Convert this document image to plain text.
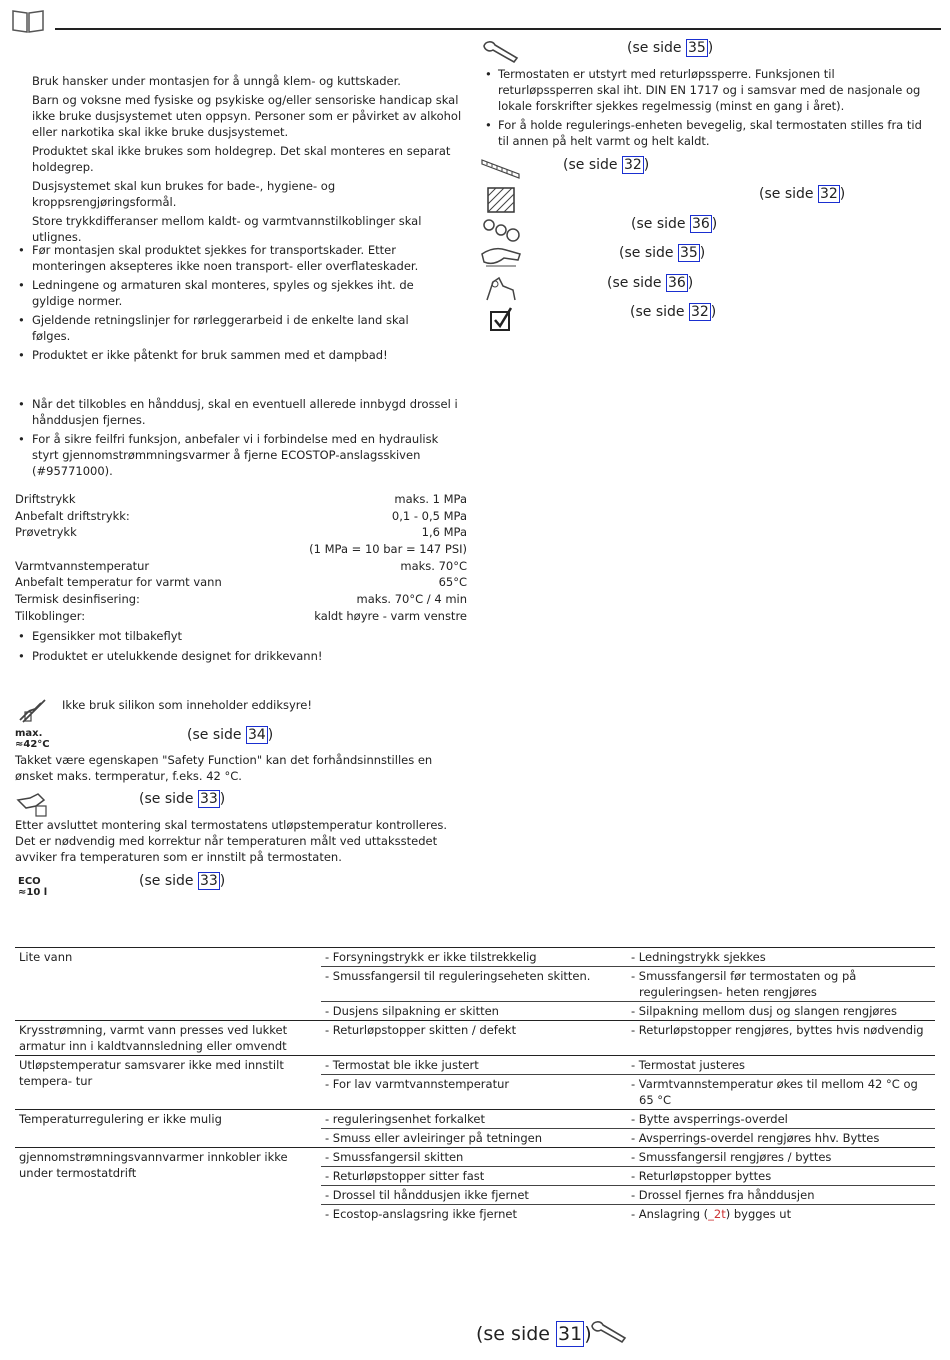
Bruk hansker under montasjen for å unngå klem- og kuttskader.
Barn og voksne med fysiske og psykiske og/eller sensoriske handicap skal ikke bruke dusjsystemet uten oppsyn. Personer som er påvirket av alkohol eller narkotika skal ikke bruke dusjsystemet.
Produktet skal ikke brukes som holdegrep. Det skal monteres en separat holdegrep.
Dusjsystemet skal kun brukes for bade-, hygiene- og kroppsrengjøringsformål.
Store trykkdifferanser mellom kaldt- og varmtvannstilkoblinger skal utlignes.
• Før montasjen skal produktet sjekkes for transportskader. Etter monteringen aksepteres ikke noen transport- eller overflateskader.
• Ledningene og armaturen skal monteres, spyles og sjekkes iht. de gyldige normer.
• Gjeldende retningslinjer for rørleggerarbeid i de enkelte land skal følges.
• Produktet er ikke påtenkt for bruk sammen med et dampbad!
• Når det tilkobles en hånddusj, skal en eventuell allerede innbygd drossel i hånddusjen fjernes.
• For å sikre feilfri funksjon, anbefaler vi i forbindelse med en hydraulisk styrt gjennomstrømmningsvarmer å fjerne ECOSTOP-anslagsskiven (#95771000).
Driftstrykk	maks. 1 MPa
Anbefalt driftstrykk:	0,1 - 0,5 MPa
Prøvetrykk	1,6 MPa
(1 MPa = 10 bar = 147 PSI)
Varmtvannstemperatur	maks. 70°C
Anbefalt temperatur for varmt vann	65°C
Termisk desinfisering:	maks. 70°C / 4 min
Tilkoblinger:	kaldt høyre - varm venstre
• Egensikker mot tilbakeflyt
• Produktet er utelukkende designet for drikkevann!
Ikke bruk silikon som inneholder eddiksyre!
max.
≈42°C
(se side 34 )
Takket være egenskapen "Safety Function" kan det forhåndsinnstilles en ønsket maks. termperatur, f.eks. 42 °C.
(se side 33 )
Etter avsluttet montering skal termostatens utløpstemperatur kontrolleres. Det er nødvendig med korrektur når temperaturen målt ved uttaksstedet avviker fra temperaturen som er innstilt på termostaten.
ECO
≈10 l
(se side 33 )
(se side 35 )
• Termostaten er utstyrt med returløpssperre. Funksjonen til returløpssperren skal iht. DIN EN 1717 og i samsvar med de nasjonale og lokale forskrifter sjekkes regelmessig (minst en gang i året).
• For å holde regulerings-enheten bevegelig, skal termostaten stilles fra tid til annen på helt varmt og helt kaldt.
(se side 32 )
(se side 32 )
(se side 36 )
(se side 35 )
(se side 36 )
(se side 32 )
Lite vann	- Forsyningstrykk er ikke tilstrekkelig	- Ledningstrykk sjekkes
	- Smussfangersil til reguleringseheten skitten.	- Smussfangersil før termostaten og på reguleringsen- heten rengjøres
	- Dusjens silpakning er skitten	- Silpakning mellom dusj og slangen rengjøres
Krysstrømning, varmt vann presses ved lukket armatur inn i kaldtvannsledning eller omvendt	- Returløpstopper skitten / defekt	- Returløpstopper rengjøres, byttes hvis nødvendig
Utløpstemperatur samsvarer ikke med innstilt tempera- tur	- Termostat ble ikke justert	- Termostat justeres
	- For lav varmtvannstemperatur	- Varmtvannstemperatur økes til mellom 42 °C og 65 °C
Temperaturregulering er ikke mulig	- reguleringsenhet forkalket	- Bytte avsperrings-overdel
	- Smuss eller avleiringer på tetningen	- Avsperrings-overdel rengjøres hhv. Byttes
gjennomstrømningsvannvarmer innkobler ikke under termostatdrift	- Smussfangersil skitten	- Smussfangersil rengjøres / byttes
	- Returløpstopper sitter fast	- Returløpstopper byttes
	- Drossel til hånddusjen ikke fjernet	- Drossel fjernes fra hånddusjen
	- Ecostop-anslagsring ikke fjernet	- Anslagring (_2t) bygges ut
(se side 31 )
